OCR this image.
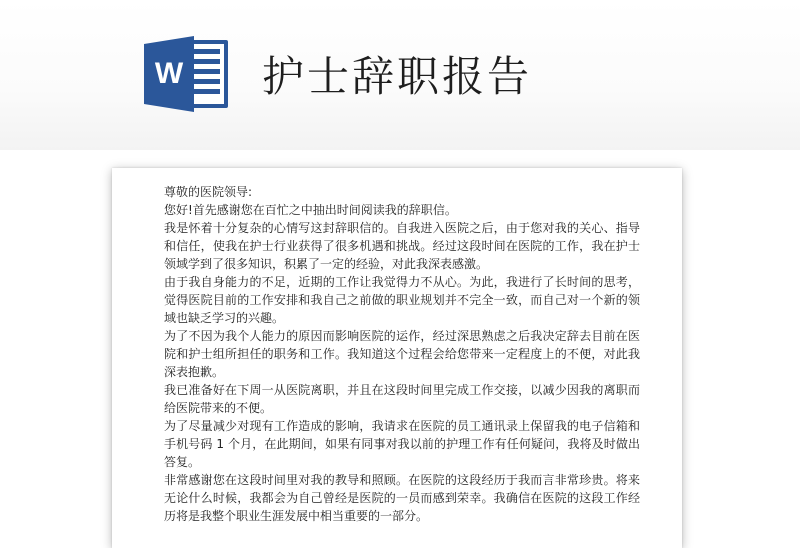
W 护士辞职报告

尊敬的医院领导:

您好!首先感谢您在百忙之中抽出时间阅读我的辞职信。

我是怀着十分复杂的心情写这封辞职信的。自我进入医院之后，由于您对我的关心、指导和信任，使我在护士行业获得了很多机遇和挑战。经过这段时间在医院的工作，我在护士领域学到了很多知识，积累了一定的经验，对此我深表感激。

由于我自身能力的不足，近期的工作让我觉得力不从心。为此，我进行了长时间的思考，觉得医院目前的工作安排和我自己之前做的职业规划并不完全一致，而自己对一个新的领域也缺乏学习的兴趣。

为了不因为我个人能力的原因而影响医院的运作，经过深思熟虑之后我决定辞去目前在医院和护士组所担任的职务和工作。我知道这个过程会给您带来一定程度上的不便，对此我深表抱歉。

我已准备好在下周一从医院离职，并且在这段时间里完成工作交接，以减少因我的离职而给医院带来的不便。

为了尽量减少对现有工作造成的影响，我请求在医院的员工通讯录上保留我的电子信箱和手机号码 1 个月，在此期间，如果有同事对我以前的护理工作有任何疑问，我将及时做出答复。

非常感谢您在这段时间里对我的教导和照顾。在医院的这段经历于我而言非常珍贵。将来无论什么时候，我都会为自己曾经是医院的一员而感到荣幸。我确信在医院的这段工作经历将是我整个职业生涯发展中相当重要的一部分。
